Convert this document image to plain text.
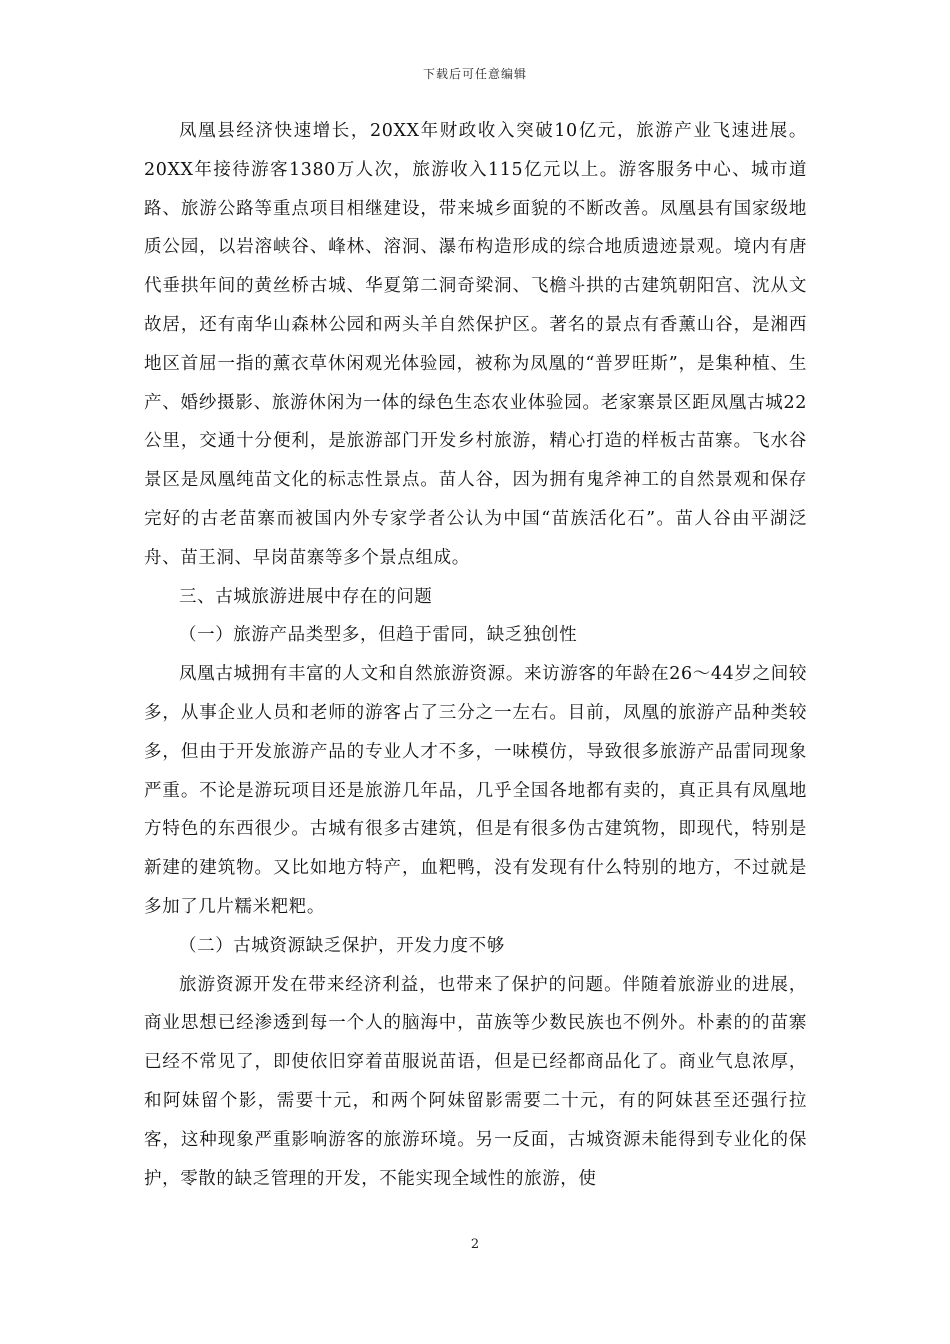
下载后可任意编辑

凤凰县经济快速增长，20XX年财政收入突破10亿元，旅游产业飞速进展。20XX年接待游客1380万人次，旅游收入115亿元以上。游客服务中心、城市道路、旅游公路等重点项目相继建设，带来城乡面貌的不断改善。凤凰县有国家级地质公园，以岩溶峡谷、峰林、溶洞、瀑布构造形成的综合地质遗迹景观。境内有唐代垂拱年间的黄丝桥古城、华夏第二洞奇梁洞、飞檐斗拱的古建筑朝阳宫、沈从文故居，还有南华山森林公园和两头羊自然保护区。著名的景点有香薰山谷，是湘西地区首屈一指的薰衣草休闲观光体验园，被称为凤凰的“普罗旺斯”，是集种植、生产、婚纱摄影、旅游休闲为一体的绿色生态农业体验园。老家寨景区距凤凰古城22公里，交通十分便利，是旅游部门开发乡村旅游，精心打造的样板古苗寨。飞水谷景区是凤凰纯苗文化的标志性景点。苗人谷，因为拥有鬼斧神工的自然景观和保存完好的古老苗寨而被国内外专家学者公认为中国“苗族活化石”。苗人谷由平湖泛舟、苗王洞、早岗苗寨等多个景点组成。

三、古城旅游进展中存在的问题

（一）旅游产品类型多，但趋于雷同，缺乏独创性

凤凰古城拥有丰富的人文和自然旅游资源。来访游客的年龄在26～44岁之间较多，从事企业人员和老师的游客占了三分之一左右。目前，凤凰的旅游产品种类较多，但由于开发旅游产品的专业人才不多，一味模仿，导致很多旅游产品雷同现象严重。不论是游玩项目还是旅游几年品，几乎全国各地都有卖的，真正具有凤凰地方特色的东西很少。古城有很多古建筑，但是有很多伪古建筑物，即现代，特别是新建的建筑物。又比如地方特产，血粑鸭，没有发现有什么特别的地方，不过就是多加了几片糯米粑粑。

（二）古城资源缺乏保护，开发力度不够

旅游资源开发在带来经济利益，也带来了保护的问题。伴随着旅游业的进展，商业思想已经渗透到每一个人的脑海中，苗族等少数民族也不例外。朴素的的苗寨已经不常见了，即使依旧穿着苗服说苗语，但是已经都商品化了。商业气息浓厚，和阿妹留个影，需要十元，和两个阿妹留影需要二十元，有的阿妹甚至还强行拉客，这种现象严重影响游客的旅游环境。另一反面，古城资源未能得到专业化的保护，零散的缺乏管理的开发，不能实现全域性的旅游，使

2
